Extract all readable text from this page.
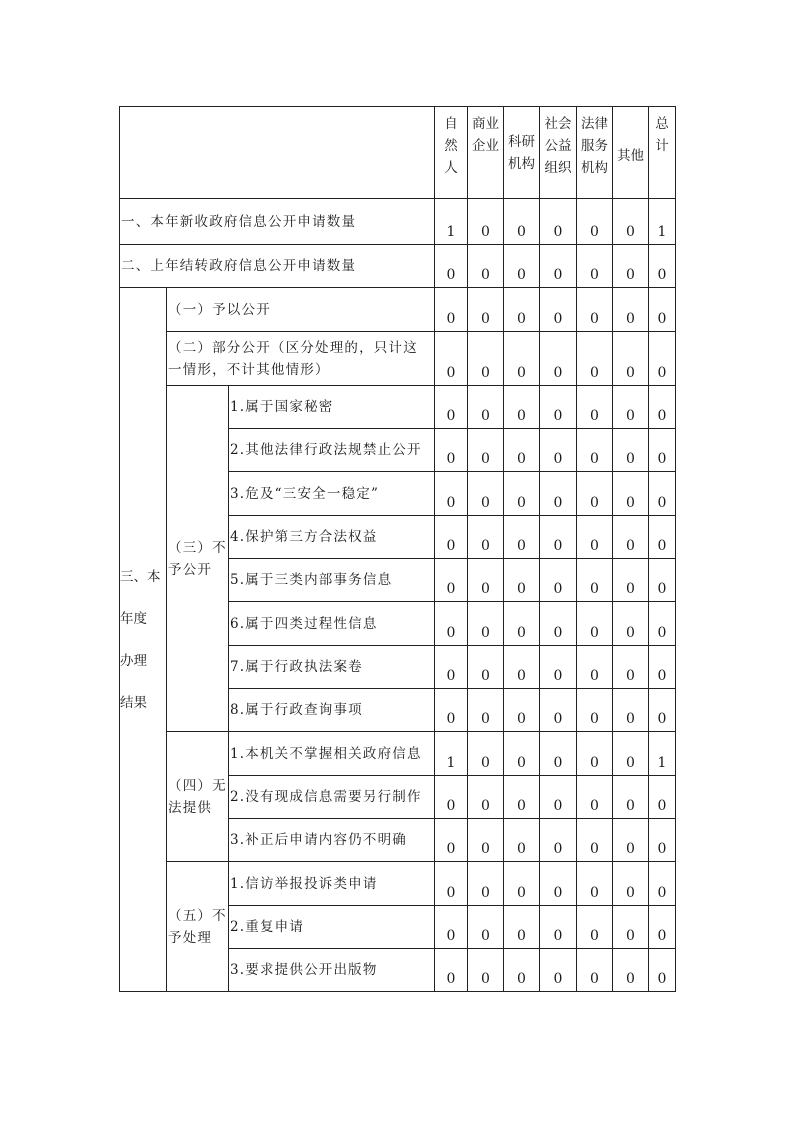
			自
然
人	商业
企业	科研
机构	社会
公益
组织	法律
服务
机构	其他	总
计

一、本年新收政府信息公开申请数量			1	0	0	0	0	0	1
二、上年结转政府信息公开申请数量			0	0	0	0	0	0	0

三、本
年度
办理
结果	（一）予以公开		0	0	0	0	0	0	0

	（二）部分公开（区分处理的，只计这
一情形，不计其他情形）		0	0	0	0	0	0	0

	（三）不
予公开	1.属于国家秘密	0	0	0	0	0	0	0
		2.其他法律行政法规禁止公开	0	0	0	0	0	0	0
		3.危及“三安全一稳定”	0	0	0	0	0	0	0
		4.保护第三方合法权益	0	0	0	0	0	0	0
		5.属于三类内部事务信息	0	0	0	0	0	0	0
		6.属于四类过程性信息	0	0	0	0	0	0	0
		7.属于行政执法案卷	0	0	0	0	0	0	0
		8.属于行政查询事项	0	0	0	0	0	0	0

	（四）无
法提供	1.本机关不掌握相关政府信息	1	0	0	0	0	0	1
		2.没有现成信息需要另行制作	0	0	0	0	0	0	0
		3.补正后申请内容仍不明确	0	0	0	0	0	0	0

	（五）不
予处理	1.信访举报投诉类申请	0	0	0	0	0	0	0
		2.重复申请	0	0	0	0	0	0	0
		3.要求提供公开出版物	0	0	0	0	0	0	0
